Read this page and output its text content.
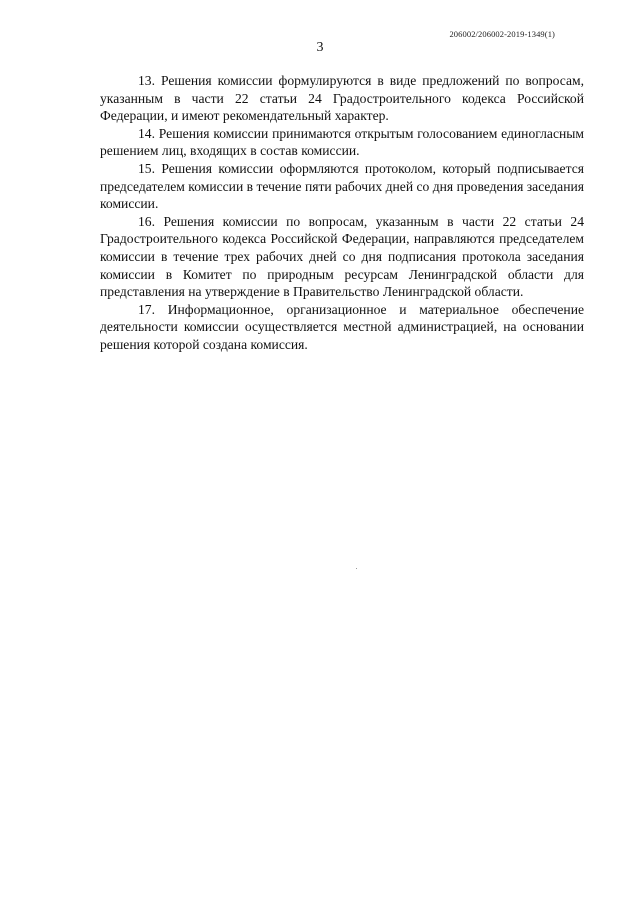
206002/206002-2019-1349(1)
3

13. Решения комиссии формулируются в виде предложений по вопросам, указанным в части 22 статьи 24 Градостроительного кодекса Российской Федерации, и имеют рекомендательный характер.

14. Решения комиссии принимаются открытым голосованием единогласным решением лиц, входящих в состав комиссии.

15. Решения комиссии оформляются протоколом, который подписывается председателем комиссии в течение пяти рабочих дней со дня проведения заседания комиссии.

16. Решения комиссии по вопросам, указанным в части 22 статьи 24 Градостроительного кодекса Российской Федерации, направляются председателем комиссии в течение трех рабочих дней со дня подписания протокола заседания комиссии в Комитет по природным ресурсам Ленинградской области для представления на утверждение в Правительство Ленинградской области.

17. Информационное, организационное и материальное обеспечение деятельности комиссии осуществляется местной администрацией, на основании решения которой создана комиссия.
